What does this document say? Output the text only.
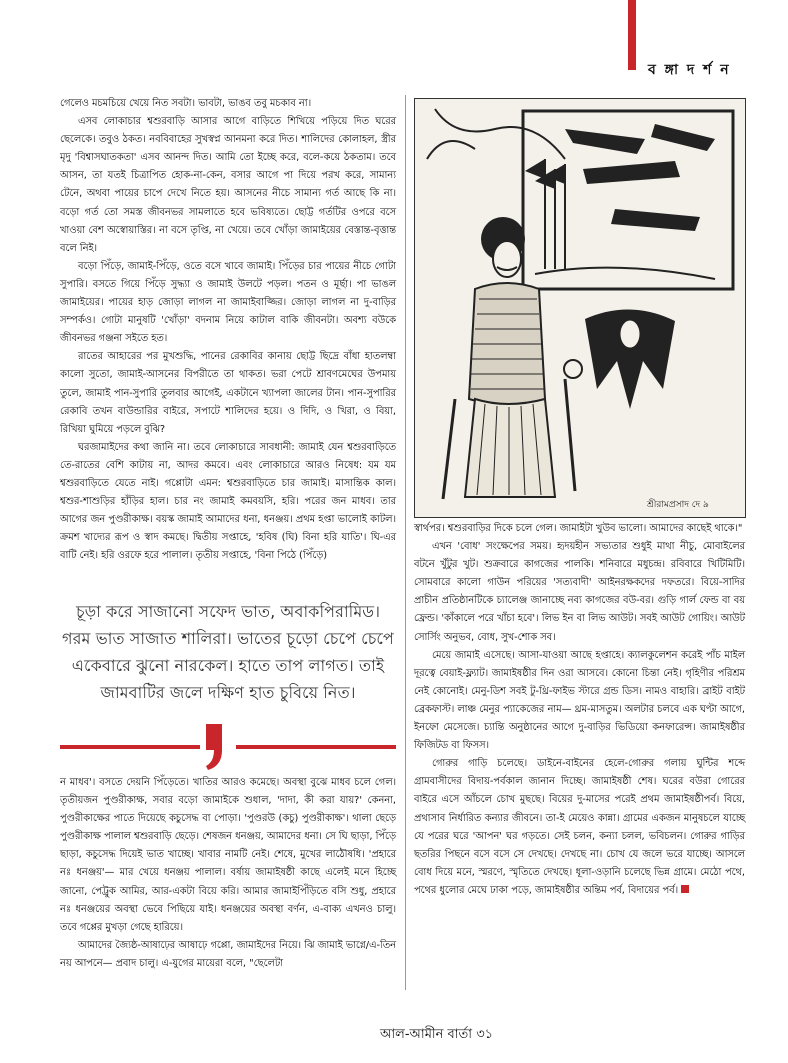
ব ঙ্গা দ র্শ ন

গেলেও মচমচিয়ে খেয়ে নিত সবটা। ভাবটা, ভাঙব তবু মচকাব না।

এসব লোকাচার শ্বশুরবাড়ি আসার আগে বাড়িতে শিখিয়ে পড়িয়ে দিত ঘরের ছেলেকে। তবুও ঠকত। নববিবাহের সুখস্বপ্ন আনমনা করে দিত। শালিদের কোলাহল, স্ত্রীর মৃদু 'বিশ্বাসঘাতকতা' এসব আনন্দ দিত। আমি তো ইচ্ছে করে, বলে-কয়ে ঠকতাম। তবে আসন, তা যতই চিত্রাপিত হোক-না-কেন, বসার আগে পা দিয়ে পরখ করে, সামান্য টেনে, অথবা পায়ের চাপে দেখে নিতে হয়। আসনের নীচে সামান্য গর্ত আছে কি না। বড়ো গর্ত তো সমস্ত জীবনভর সামলাতে হবে ভবিষ্যতে। ছোট্ট গর্তটির ওপরে বসে খাওয়া বেশ অস্বোয়াস্তির। না বসে তৃপ্তি, না খেয়ে। তবে খোঁড়া জামাইয়ের বেস্তান্ত-বৃত্তান্ত বলে নিই।

বড়ো পিঁড়ে, জামাই-পিঁড়ে, ওতে বসে খাবে জামাই। পিঁড়ের চার পায়ের নীচে গোটা সুপারি। বসতে গিয়ে পিঁড়ে সুদ্ধ্যা ও জামাই উলটে পড়ল। পতন ও মূর্ছা। পা ভাঙল জামাইয়ের। পায়ের হাড় জোড়া লাগল না জামাইবাজ্জির। জোড়া লাগল না দু-বাড়ির সম্পর্কও। গোটা মানুষটি 'খোঁড়া' বদনাম নিয়ে কাটাল বাকি জীবনটা। অবশ্য বউকে জীবনভর গঞ্জনা সইতে হত।

রাতের আহারের পর মুখশুদ্ধি, পানের রেকাবির কানায় ছোট্ট ছিদ্রে বাঁধা হাতলম্বা কালো সুতো, জামাই-আসনের বিপরীতে তা থাকত। ভরা পেটে শ্রাবণমেঘের উপমায় তুলে, জামাই পান-সুপারি তুলবার আগেই, একটানে খ্যাপলা জালের টান। পান-সুপারির রেকাবি তখন বাউন্ডারির বাইরে, সপাটে শালিদের হয়ে। ও দিদি, ও খিরা, ও বিয়া, রিখিয়া ঘুমিয়ে পড়লে বুঝি?

ঘরজামাইদের কথা জানি না। তবে লোকাচারে সাবধানী: জামাই যেন শ্বশুরবাড়িতে তে-রাতের বেশি কাটায় না, আদর কমবে। এবং লোকাচারে আরও নিষেধ: যম যম শ্বশুরবাড়িতে যেতে নাই। গপ্পোটা এমন: শ্বশুরবাড়িতে চার জামাই। মাসান্তিক কাল। শ্বশুর-শাশুড়ির হাঁড়ির হাল। চার নং জামাই কমবয়সি, হরি। পরের জন মাধব। তার আগের জন পুণ্ডরীকাক্ষ। বয়স্ক জামাই আমাদের ধনা, ধনঞ্জয়। প্রথম হপ্তা ভালোই কাটল। ক্রমশ খাদ্যের রূপ ও স্বাদ কমছে। দ্বিতীয় সপ্তাহে, 'হবিষ (ঘি) বিনা হরি যাতি'। ঘি-এর বাটি নেই। হরি ওরফে হরে পালাল। তৃতীয় সপ্তাহে, 'বিনা পিঠে (পিঁড়ে)

চূড়া করে সাজানো সফেদ ভাত, অবাকপিরামিড। গরম ভাত সাজাত শালিরা। ভাতের চূড়ো চেপে চেপে একেবারে ঝুনো নারকেল। হাতে তাপ লাগত। তাই জামবাটির জলে দক্ষিণ হাত চুবিয়ে নিত।

ন মাধব'। বসতে দেয়নি পিঁড়েতে। খাতির আরও কমেছে। অবস্থা বুঝে মাধব চলে গেল। তৃতীয়জন পুণ্ডরীকাক্ষ, সবার বড়ো জামাইকে শুধাল, 'দাদা, কী করা যায়?' কেননা, পুণ্ডরীকাক্ষের পাতে দিয়েছে কচুসেদ্ধ বা পোড়া। 'পুণ্ডরউ (কচু) পুণ্ডরীকাক্ষ'। থালা ছেড়ে পুণ্ডরীকাক্ষ পালাল শ্বশুরবাড়ি ছেড়ে। শেষজন ধনঞ্জয়, আমাদের ধনা। সে ঘি ছাড়া, পিঁড়ে ছাড়া, কচুসেদ্ধ দিয়েই ভাত খাচ্ছে। খাবার নামটি নেই। শেষে, মুখের লাঠৌষধি। 'প্রহারে নঃ ধনঞ্জয়'— মার খেয়ে ধনঞ্জয় পালাল। বর্ষায় জামাইষষ্ঠী কাছে এলেই মনে হিচ্ছে জানো, পেট্রুক আমির, আর-একটা বিয়ে করি। আমার জামাইপিঁড়িতে বসি শুধু, প্রহারে নঃ ধনঞ্জয়ের অবস্থা ভেবে পিছিয়ে যাই। ধনঞ্জয়ের অবস্থা বর্ণন, এ-বাক্য এখনও চালু। তবে গপ্পের মুখড়া গেছে হারিয়ে।

আমাদের জ্যৈষ্ঠ-আষাঢ়ের আষাঢ়ে গপ্পো, জামাইদের নিয়ে। ঝি জামাই ভাগ্নে/এ-তিন নয় আপনে— প্রবাদ চালু। এ-যুগের মায়েরা বলে, "ছেলেটা

শ্রীরামপ্রসাদ দে ৯

স্বার্থপর। শ্বশুরবাড়ির দিকে চলে গেল। জামাইটা খুউব ভালো। আমাদের কাছেই থাকে।"

এখন 'বোধ' সংক্ষেপের সময়। হৃদয়হীন সভ্যতার শুধুই মাথা নীচু, মোবাইলের বটনে খুঁটুর খুট। শুক্রবারে কাগজের পালকি। শনিবারে মধুচন্দ্র। রবিবারে খিটিমিটি। সোমবারে কালো গাউন পরিয়ের 'সত্যবাদী' আইনরক্ষকদের দফতরে। বিয়ে-সাদির প্রাচীন প্রতিষ্ঠানটিকে চ্যালেঞ্জ জানাচ্ছে নব্য কাগজের বউ-বর। গুড়ি গার্ল ফেন্ড বা বয় ফ্রেন্ড। 'কাঁকালে পরে খাঁচা হবে'। লিভ ইন বা লিভ আউট। সবই আউট গোয়িং। আউট সোর্সিং অনুভব, বোধ, সুখ-শোক সব।

মেয়ে জামাই এসেছে। আসা-যাওয়া আছে হপ্তাহে। ক্যালকুলেশন করেই পাঁচ মাইল দূরত্বে বেয়াই-ফ্ল্যাট। জামাইষষ্ঠীর দিন ওরা আসবে। কোনো চিন্তা নেই। গৃহিণীর পরিশ্রম নেই কোনোই। মেনু-ডিশ সবই টু-থ্রি-ফাইভ স্টারে গ্রন্ড ডিস। নামও বাহারি। ব্রাইট বাইট ব্রেকফাস্ট। লাঞ্চ মেনুর প্যাকেজের নাম— থ্রম-মাসতুম। অলটার চলবে এক ঘণ্টা আগে, ইনফো মেসেজে। চ্যান্তি অনুষ্ঠানের আগে দু-বাড়ির ভিডিয়ো কনফারেন্স। জামাইষষ্ঠীর ফিজিটড বা ফিসস।

গোরুর গাড়ি চলেছে। ডাইনে-বাইনের হেলে-গোরুর গলায় ঘুন্টির শব্দে গ্রামবাসীদের বিদায়-পর্বকাল জানান দিচ্ছে। জামাইষষ্ঠী শেষ। ঘরের বউরা গোরের বাইরে এসে আঁচলে চোখ মুছছে। বিয়ের দু-মাসের পরেই প্রথম জামাইষষ্ঠীপর্ব। বিয়ে, প্রথাসাব নির্ধারিত কন্যার জীবনে। তা-ই মেয়েও কান্না। গ্রামের একজন মানুষচলে যাচ্ছে যে পরের ঘরে 'আপন' ঘর গড়তে। সেই চলন, কন্যা চলল, ভবিচলন। গোরুর গাড়ির ছতরির পিছনে বসে বসে সে দেখছে। দেখছে না। চোখ যে জলে ভরে যাচ্ছে। আসলে বোধ দিয়ে মনে, স্মরণে, স্মৃতিতে দেখছে। ধূলা-ওড়ানি চলেছে ভিন্ন গ্রামে। মেঠো পথে, পথের ধুলোর মেঘে ঢাকা পড়ে, জামাইষষ্ঠীর অন্তিম পর্ব, বিদায়ের পর্ব।

আল-আমীন বার্তা ৩১
